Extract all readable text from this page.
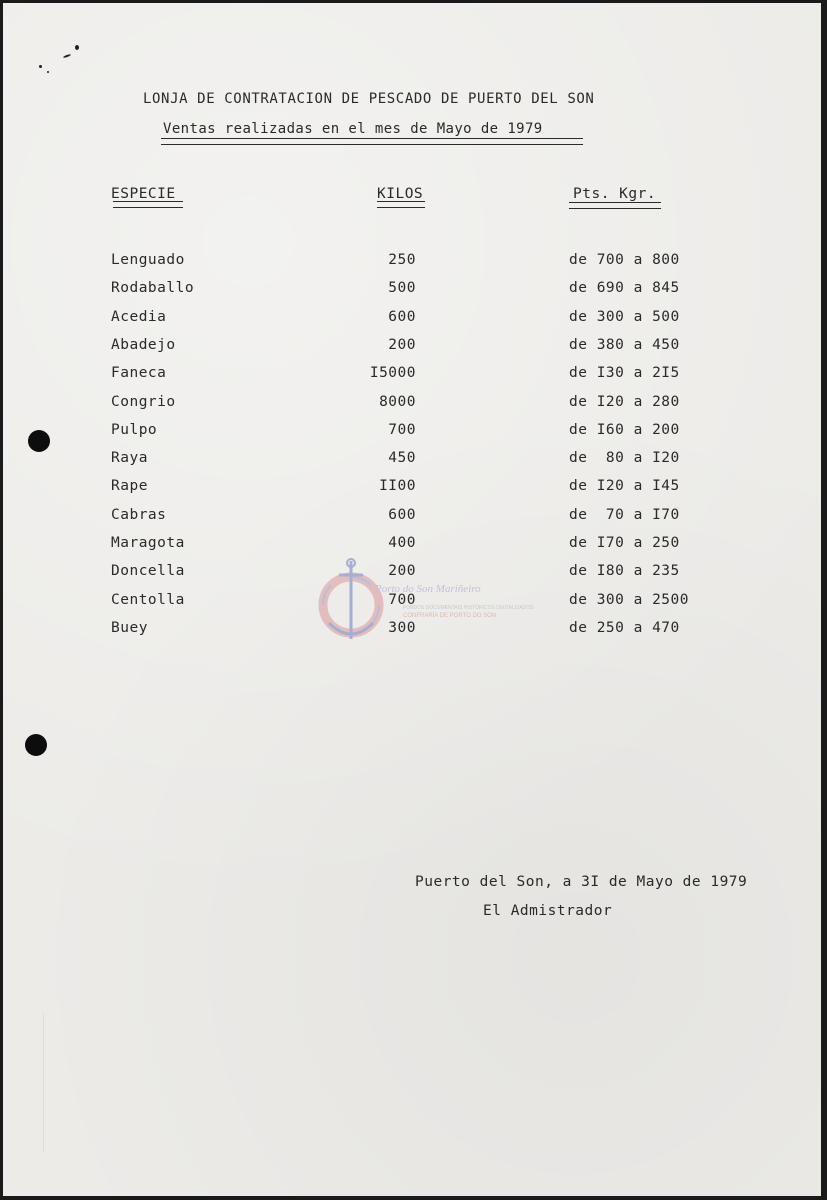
LONJA DE CONTRATACION DE PESCADO DE PUERTO DEL SON
Ventas realizadas en el mes de Mayo de 1979
ESPECIE	KILOS	Pts. Kgr.
Lenguado	250	de 700 a 800
Rodaballo	500	de 690 a 845
Acedia	600	de 300 a 500
Abadejo	200	de 380 a 450
Faneca	I5000	de I30 a 2I5
Congrio	8000	de I20 a 280
Pulpo	700	de I60 a 200
Raya	450	de  80 a I20
Rape	II00	de I20 a I45
Cabras	600	de  70 a I70
Maragota	400	de I70 a 250
Doncella	200	de I80 a 235
Centolla	700	de 300 a 2500
Buey	300	de 250 a 470
Porto do Son Mariñeiro
FONDOS DOCUMENTAIS HISTÓRICOS DIXITALIZADOS
CONFRARÍA DE PORTO DO SON
Puerto del Son, a 3I de Mayo de 1979
El Admistrador
